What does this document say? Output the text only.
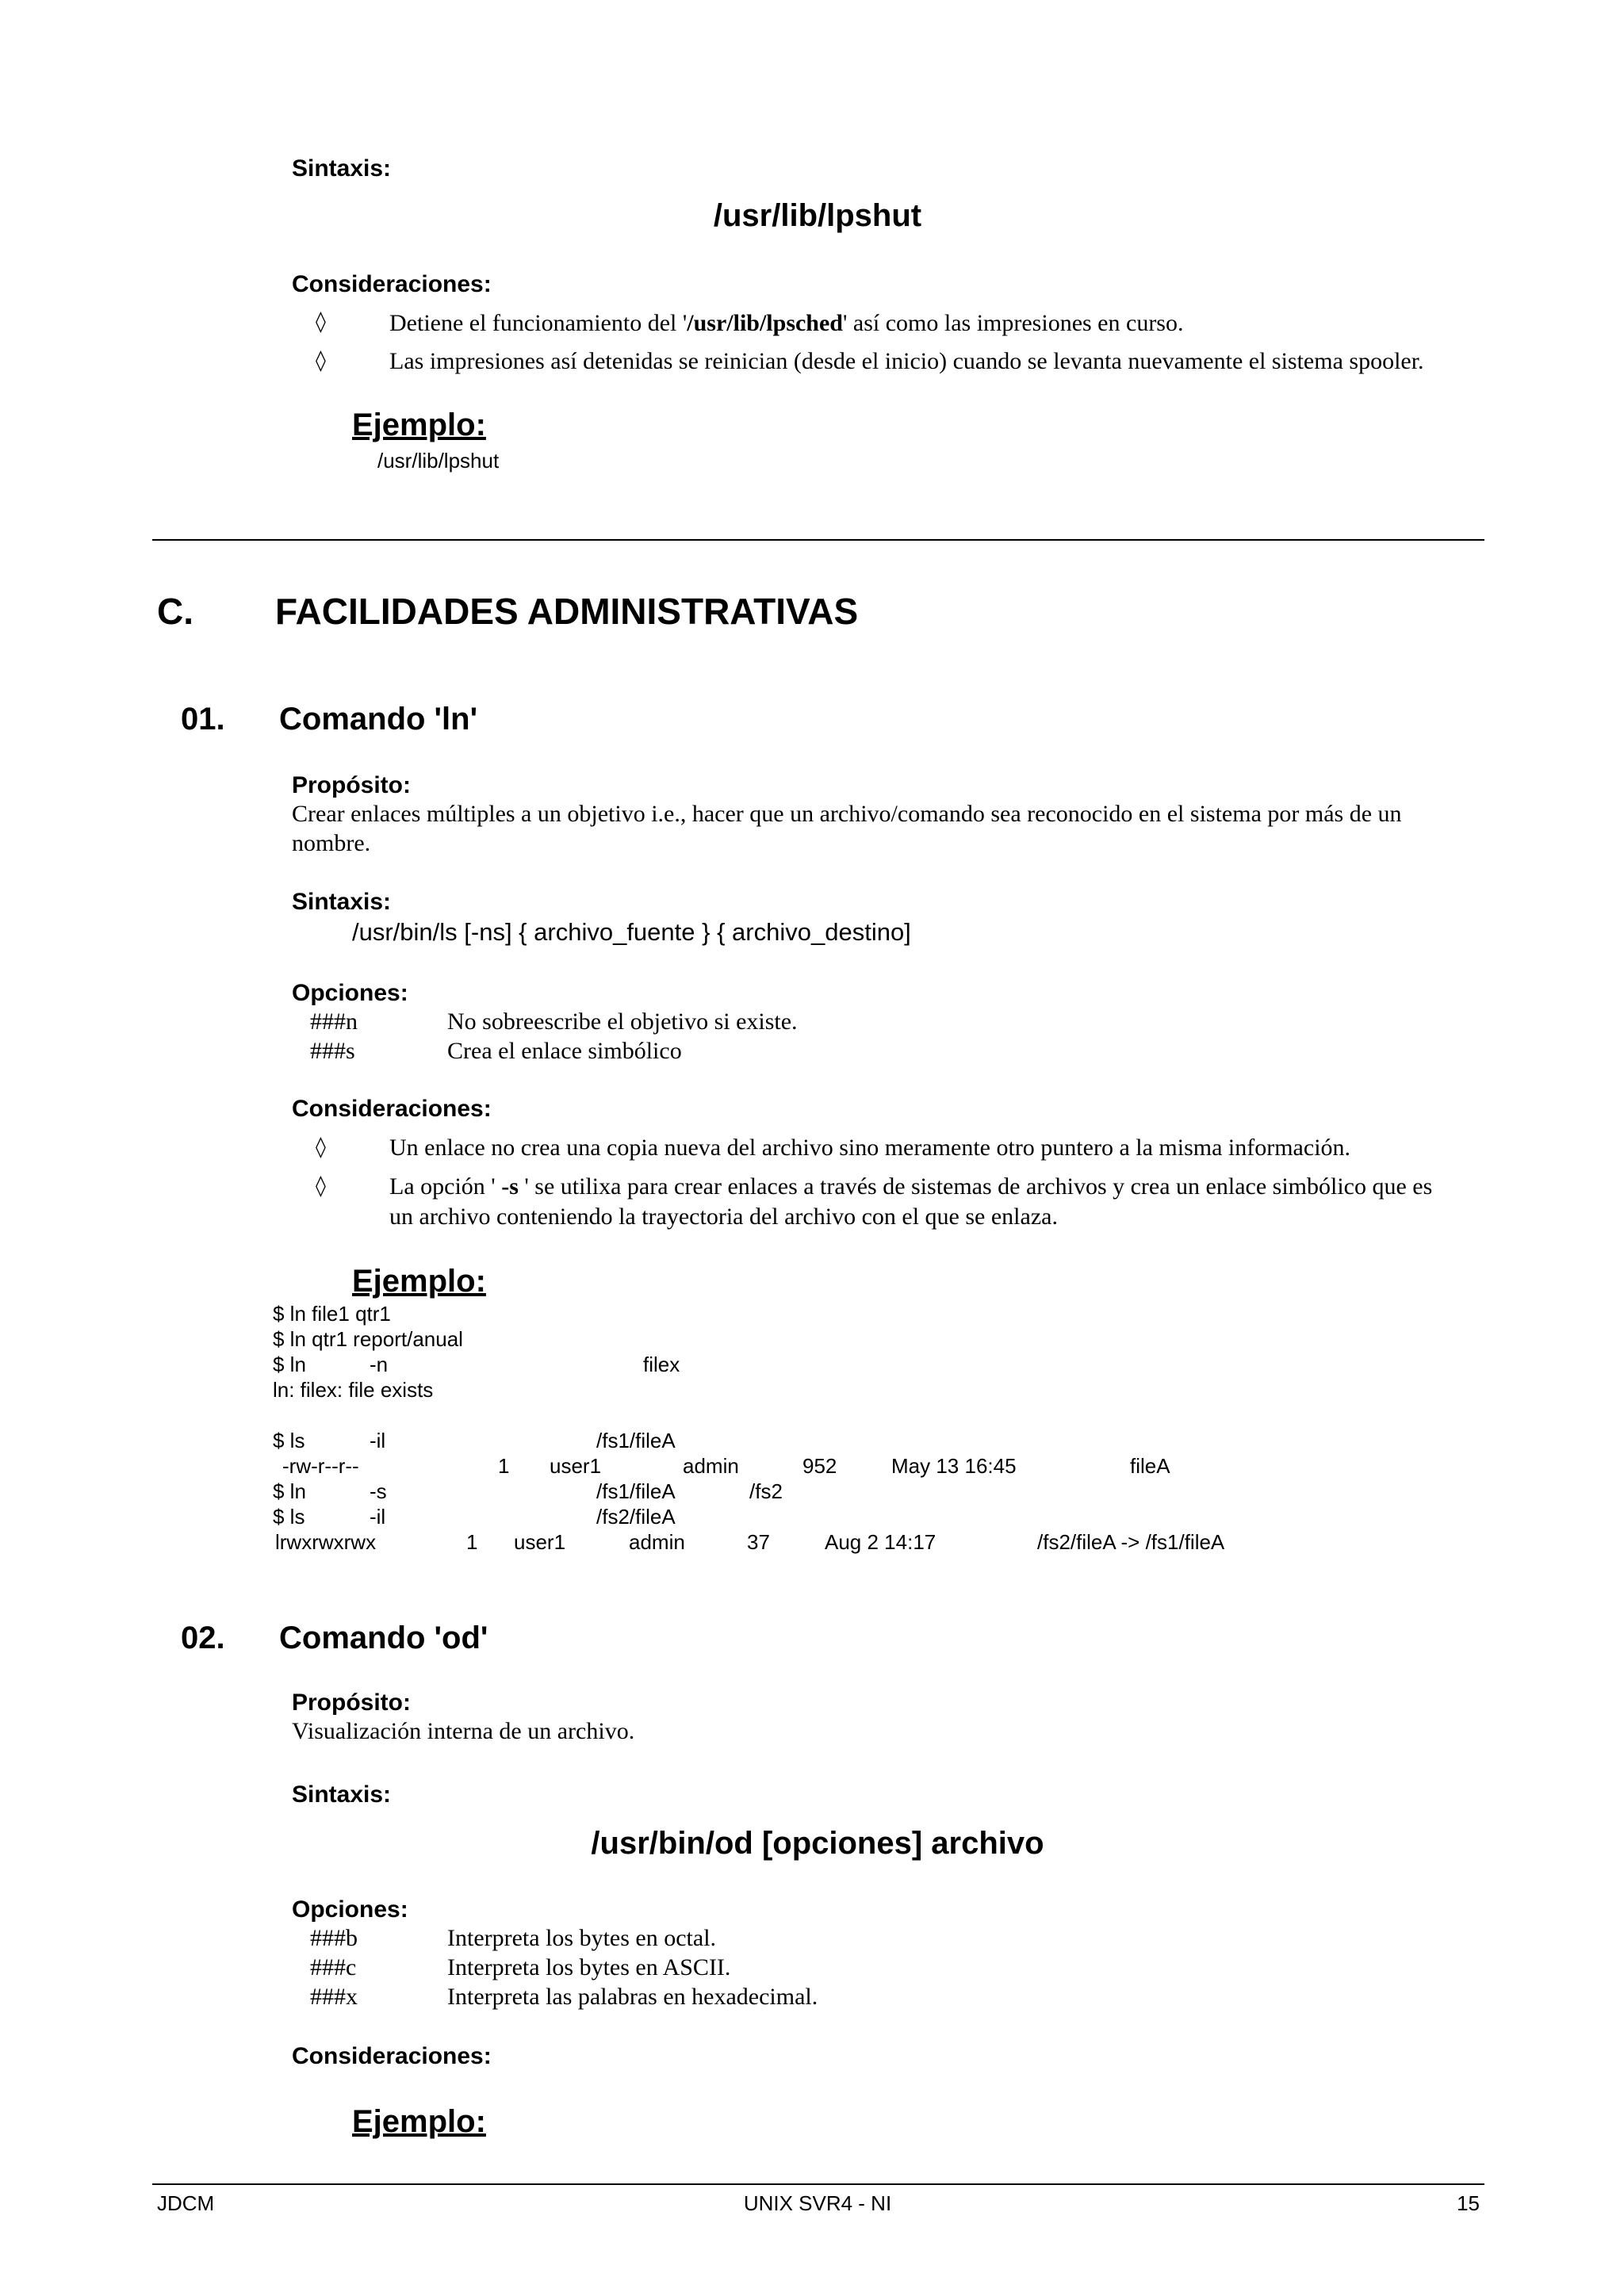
Sintaxis:
/usr/lib/lpshut
Consideraciones:
◊	Detiene el funcionamiento del '/usr/lib/lpsched' así como las impresiones en curso.
◊	Las impresiones así detenidas se reinician (desde el inicio) cuando se levanta nuevamente el sistema spooler.
Ejemplo:
/usr/lib/lpshut
C. FACILIDADES ADMINISTRATIVAS
01. Comando 'ln'
Propósito:
Crear enlaces múltiples a un objetivo i.e., hacer que un archivo/comando sea reconocido en el sistema por más de un
nombre.
Sintaxis:
/usr/bin/ls [-ns] { archivo_fuente } { archivo_destino]
Opciones:
###n	No sobreescribe el objetivo si existe.
###s	Crea el enlace simbólico
Consideraciones:
◊	Un enlace no crea una copia nueva del archivo sino meramente otro puntero a la misma información.
◊	La opción ' -s ' se utilixa para crear enlaces a través de sistemas de archivos y crea un enlace simbólico que es
un archivo conteniendo la trayectoria del archivo con el que se enlaza.
Ejemplo:
$ ln file1 qtr1
$ ln qtr1 report/anual
$ ln	-n	filex
ln: filex: file exists
$ ls	-il	/fs1/fileA
-rw-r--r--	1 user1	admin	952	May 13 16:45	fileA
$ ln	-s	/fs1/fileA	/fs2
$ ls	-il	/fs2/fileA
lrwxrwxrwx	1 user1	admin	37	Aug 2 14:17	/fs2/fileA -> /fs1/fileA
02. Comando 'od'
Propósito:
Visualización interna de un archivo.
Sintaxis:
/usr/bin/od [opciones] archivo
Opciones:
###b	Interpreta los bytes en octal.
###c	Interpreta los bytes en ASCII.
###x	Interpreta las palabras en hexadecimal.
Consideraciones:
Ejemplo:
JDCM	UNIX SVR4 - NI	15
